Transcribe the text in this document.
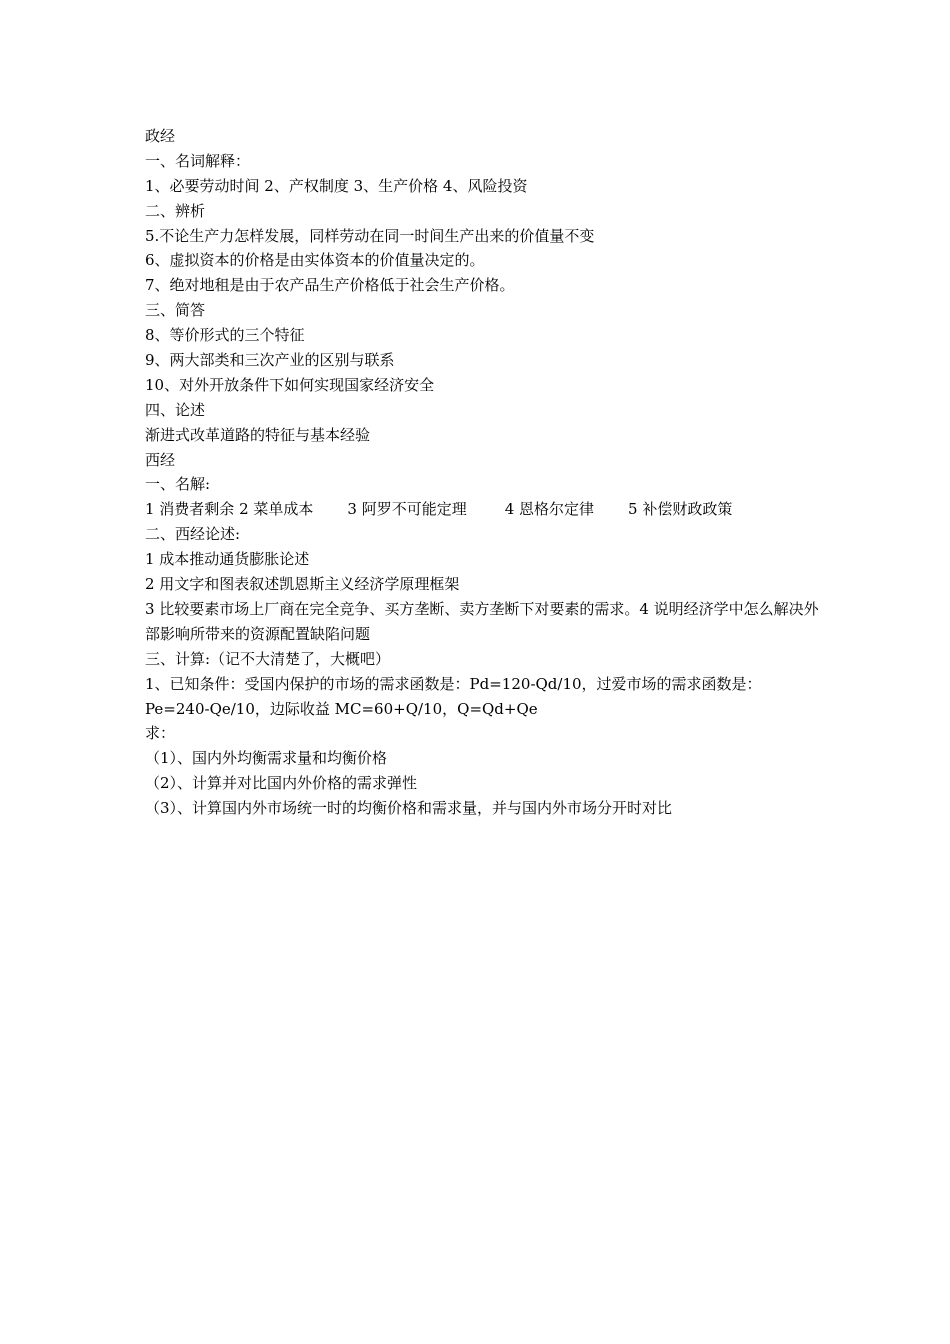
政经
一、名词解释：
1、必要劳动时间 2、产权制度 3、生产价格 4、风险投资
二、辨析
5.不论生产力怎样发展，同样劳动在同一时间生产出来的价值量不变
6、虚拟资本的价格是由实体资本的价值量决定的。
7、绝对地租是由于农产品生产价格低于社会生产价格。
三、简答
8、等价形式的三个特征
9、两大部类和三次产业的区别与联系
10、对外开放条件下如何实现国家经济安全
四、论述
渐进式改革道路的特征与基本经验
西经
一、名解:
1 消费者剩余 2 菜单成本 3 阿罗不可能定理	4 恩格尔定律 5 补偿财政政策
二、西经论述:
1 成本推动通货膨胀论述
2 用文字和图表叙述凯恩斯主义经济学原理框架
3 比较要素市场上厂商在完全竞争、买方垄断、卖方垄断下对要素的需求。4 说明经济学中怎么解决外部影响所带来的资源配置缺陷问题
三、计算:（记不大清楚了，大概吧）
1、已知条件：受国内保护的市场的需求函数是：Pd=120-Qd/10，过爱市场的需求函数是：Pe=240-Qe/10，边际收益 MC=60+Q/10，Q=Qd+Qe
求：
（1）、国内外均衡需求量和均衡价格
（2）、计算并对比国内外价格的需求弹性
（3）、计算国内外市场统一时的均衡价格和需求量，并与国内外市场分开时对比
